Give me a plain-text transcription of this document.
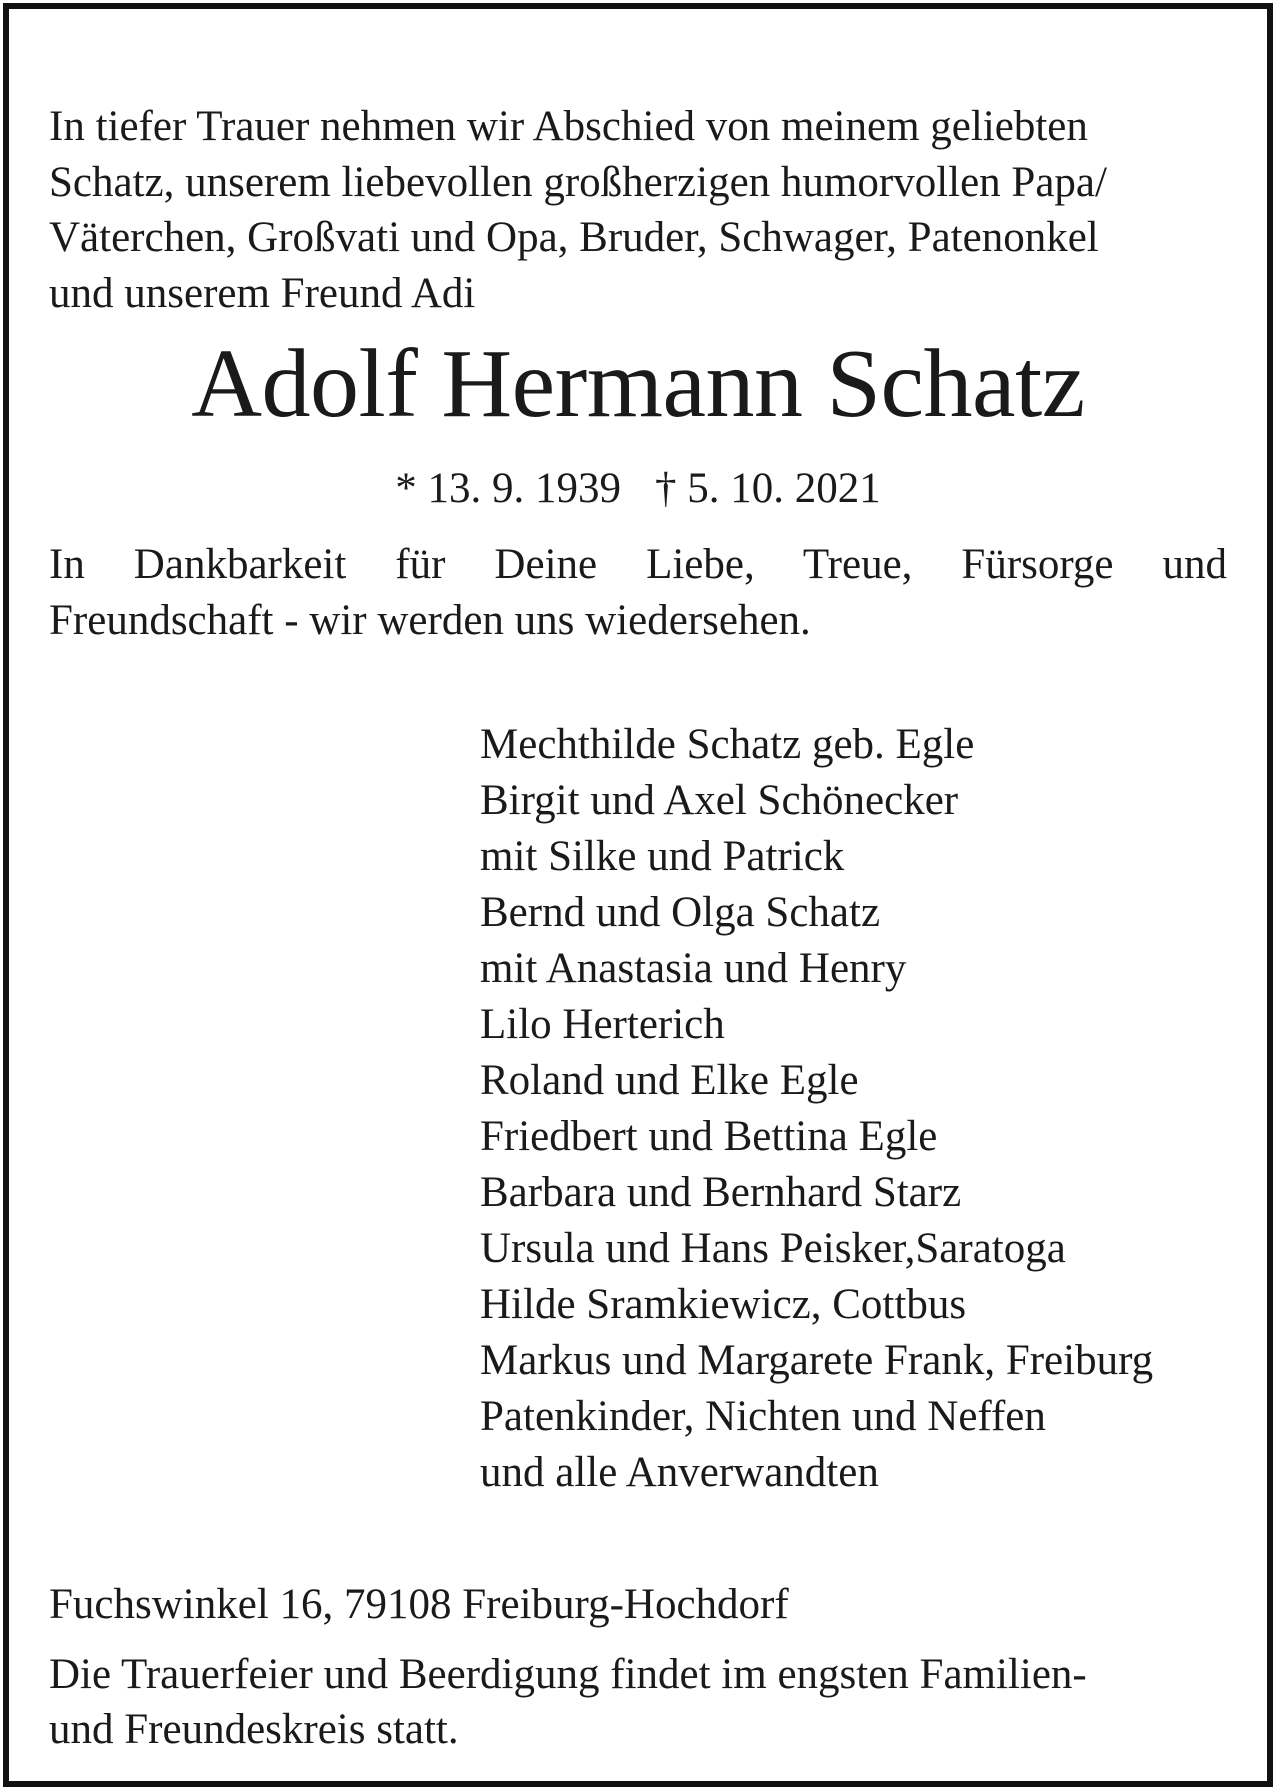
In tiefer Trauer nehmen wir Abschied von meinem geliebten
Schatz, unserem liebevollen großherzigen humorvollen Papa/
Väterchen, Großvati und Opa, Bruder, Schwager, Patenonkel
und unserem Freund Adi

Adolf Hermann Schatz
* 13. 9. 1939 † 5. 10. 2021

In Dankbarkeit für Deine Liebe, Treue, Fürsorge und
Freundschaft - wir werden uns wiedersehen.

Mechthilde Schatz geb. Egle
Birgit und Axel Schönecker
mit Silke und Patrick
Bernd und Olga Schatz
mit Anastasia und Henry
Lilo Herterich
Roland und Elke Egle
Friedbert und Bettina Egle
Barbara und Bernhard Starz
Ursula und Hans Peisker,Saratoga
Hilde Sramkiewicz, Cottbus
Markus und Margarete Frank, Freiburg
Patenkinder, Nichten und Neffen
und alle Anverwandten

Fuchswinkel 16, 79108 Freiburg-Hochdorf

Die Trauerfeier und Beerdigung findet im engsten Familien-
und Freundeskreis statt.
